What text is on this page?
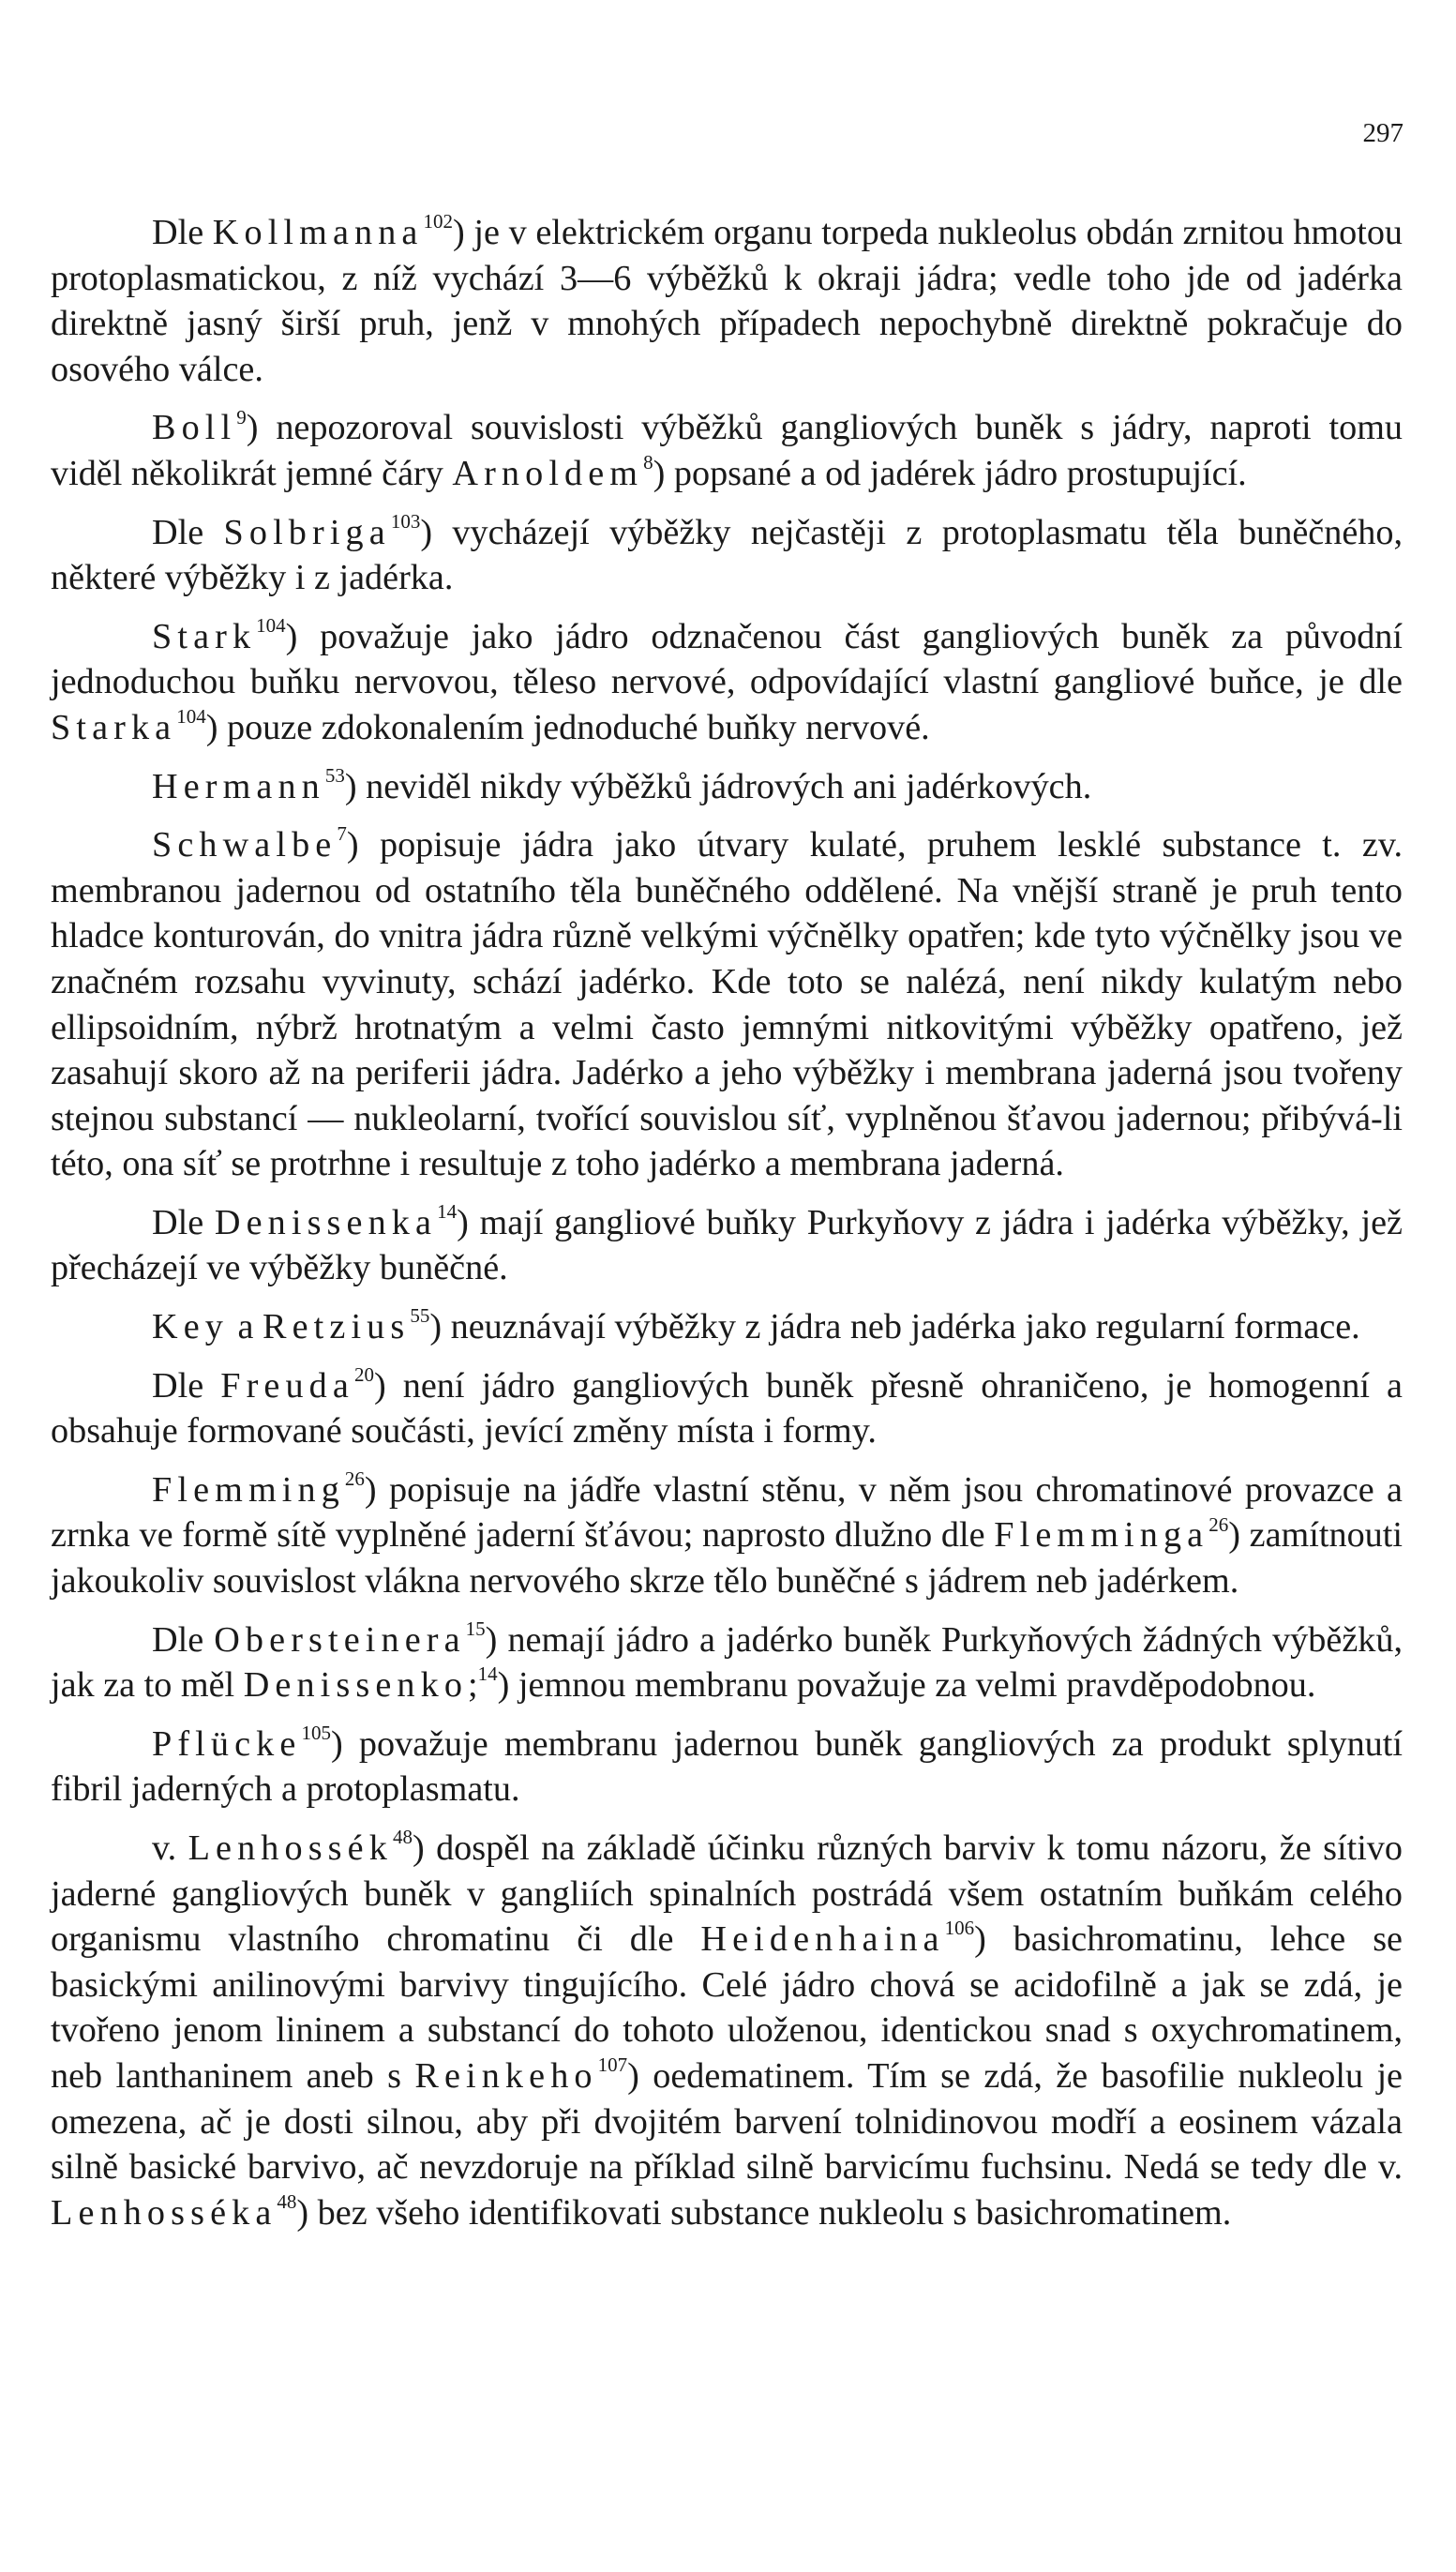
297

Dle Kollmanna$^{102}$) je v elektrickém organu torpeda nukleolus obdán zrnitou hmotou protoplasmatickou, z níž vychází 3—6 výběžků k okraji jádra; vedle toho jde od jadérka direktně jasný širší pruh, jenž v mnohých případech nepochybně direktně pokračuje do osového válce.

Boll$^9$) nepozoroval souvislosti výběžků gangliových buněk s jádry, naproti tomu viděl několikrát jemné čáry Arnoldem$^8$) popsané a od jadérek jádro prostupující.

Dle Solbriga$^{103}$) vycházejí výběžky nejčastěji z protoplasmatu těla buněčného, některé výběžky i z jadérka.

Stark$^{104}$) považuje jako jádro odznačenou část gangliových buněk za původní jednoduchou buňku nervovou, těleso nervové, odpovídající vlastní gangliové buňce, je dle Starka$^{104}$) pouze zdokonalením jednoduché buňky nervové.

Hermann$^{53}$) neviděl nikdy výběžků jádrových ani jadérkových.

Schwalbe$^7$) popisuje jádra jako útvary kulaté, pruhem lesklé substance t. zv. membranou jadernou od ostatního těla buněčného oddělené. Na vnější straně je pruh tento hladce konturován, do vnitra jádra různě velkými výčnělky opatřen; kde tyto výčnělky jsou ve značném rozsahu vyvinuty, schází jadérko. Kde toto se nalézá, není nikdy kulatým nebo ellipsoidním, nýbrž hrotnatým a velmi často jemnými nitkovitými výběžky opatřeno, jež zasahují skoro až na periferii jádra. Jadérko a jeho výběžky i membrana jaderná jsou tvořeny stejnou substancí — nukleolarní, tvořící souvislou síť, vyplněnou šťavou jadernou; přibývá-li této, ona síť se protrhne i resultuje z toho jadérko a membrana jaderná.

Dle Denissenka$^{14}$) mají gangliové buňky Purkyňovy z jádra i jadérka výběžky, jež přecházejí ve výběžky buněčné.

Key a Retzius$^{55}$) neuznávají výběžky z jádra neb jadérka jako regularní formace.

Dle Freuda$^{20}$) není jádro gangliových buněk přesně ohraničeno, je homogenní a obsahuje formované součásti, jevící změny místa i formy.

Flemming$^{26}$) popisuje na jádře vlastní stěnu, v něm jsou chromatinové provazce a zrnka ve formě sítě vyplněné jaderní šťávou; naprosto dlužno dle Flemminga$^{26}$) zamítnouti jakoukoliv souvislost vlákna nervového skrze tělo buněčné s jádrem neb jadérkem.

Dle Obersteinera$^{15}$) nemají jádro a jadérko buněk Purkyňových žádných výběžků, jak za to měl Denissenko;$^{14}$) jemnou membranu považuje za velmi pravděpodobnou.

Pflücke$^{105}$) považuje membranu jadernou buněk gangliových za produkt splynutí fibril jaderných a protoplasmatu.

v. Lenhossék$^{48}$) dospěl na základě účinku různých barviv k tomu názoru, že sítivo jaderné gangliových buněk v gangliích spinalních postrádá všem ostatním buňkám celého organismu vlastního chromatinu či dle Heidenhaina$^{106}$) basichromatinu, lehce se basickými anilinovými barvivy tingujícího. Celé jádro chová se acidofilně a jak se zdá, je tvořeno jenom lininem a substancí do tohoto uloženou, identickou snad s oxychromatinem, neb lanthaninem aneb s Reinkeho$^{107}$) oedematinem. Tím se zdá, že basofilie nukleolu je omezena, ač je dosti silnou, aby při dvojitém barvení tolnidinovou modří a eosinem vázala silně basické barvivo, ač nevzdoruje na příklad silně barvicímu fuchsinu. Nedá se tedy dle v. Lenhosséka$^{48}$) bez všeho identifikovati substance nukleolu s basichromatinem.
